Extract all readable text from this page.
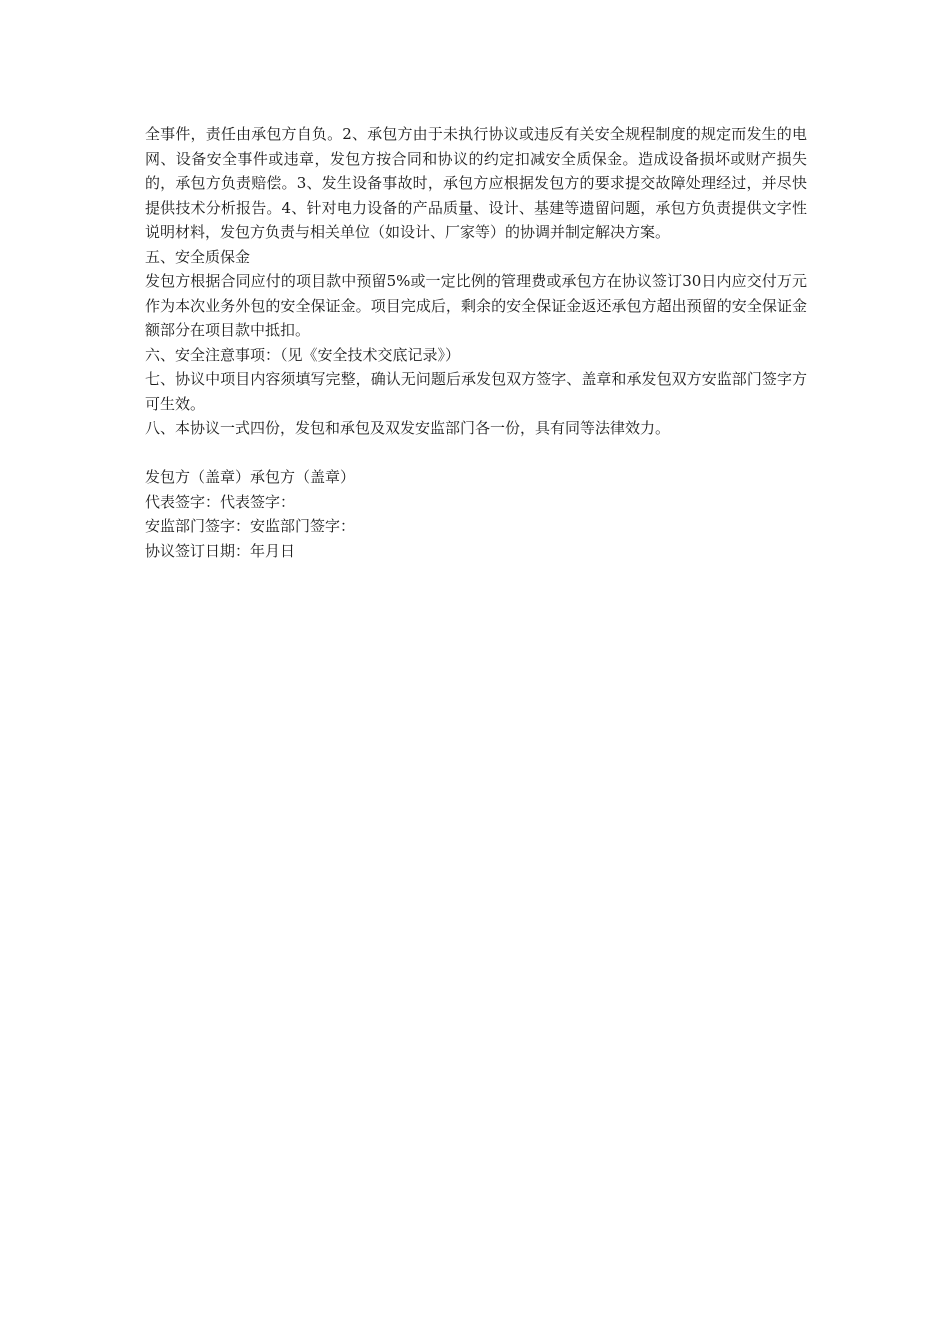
全事件，责任由承包方自负。2、承包方由于未执行协议或违反有关安全规程制度的规定而发生的电网、设备安全事件或违章，发包方按合同和协议的约定扣减安全质保金。造成设备损坏或财产损失的，承包方负责赔偿。3、发生设备事故时，承包方应根据发包方的要求提交故障处理经过，并尽快提供技术分析报告。4、针对电力设备的产品质量、设计、基建等遗留问题，承包方负责提供文字性说明材料，发包方负责与相关单位（如设计、厂家等）的协调并制定解决方案。

五、安全质保金

发包方根据合同应付的项目款中预留5%或一定比例的管理费或承包方在协议签订30日内应交付万元作为本次业务外包的安全保证金。项目完成后，剩余的安全保证金返还承包方超出预留的安全保证金额部分在项目款中抵扣。

六、安全注意事项：（见《安全技术交底记录》）

七、协议中项目内容须填写完整，确认无问题后承发包双方签字、盖章和承发包双方安监部门签字方可生效。

八、本协议一式四份，发包和承包及双发安监部门各一份，具有同等法律效力。

发包方（盖章）承包方（盖章）

代表签字：代表签字：

安监部门签字：安监部门签字：

协议签订日期：年月日
